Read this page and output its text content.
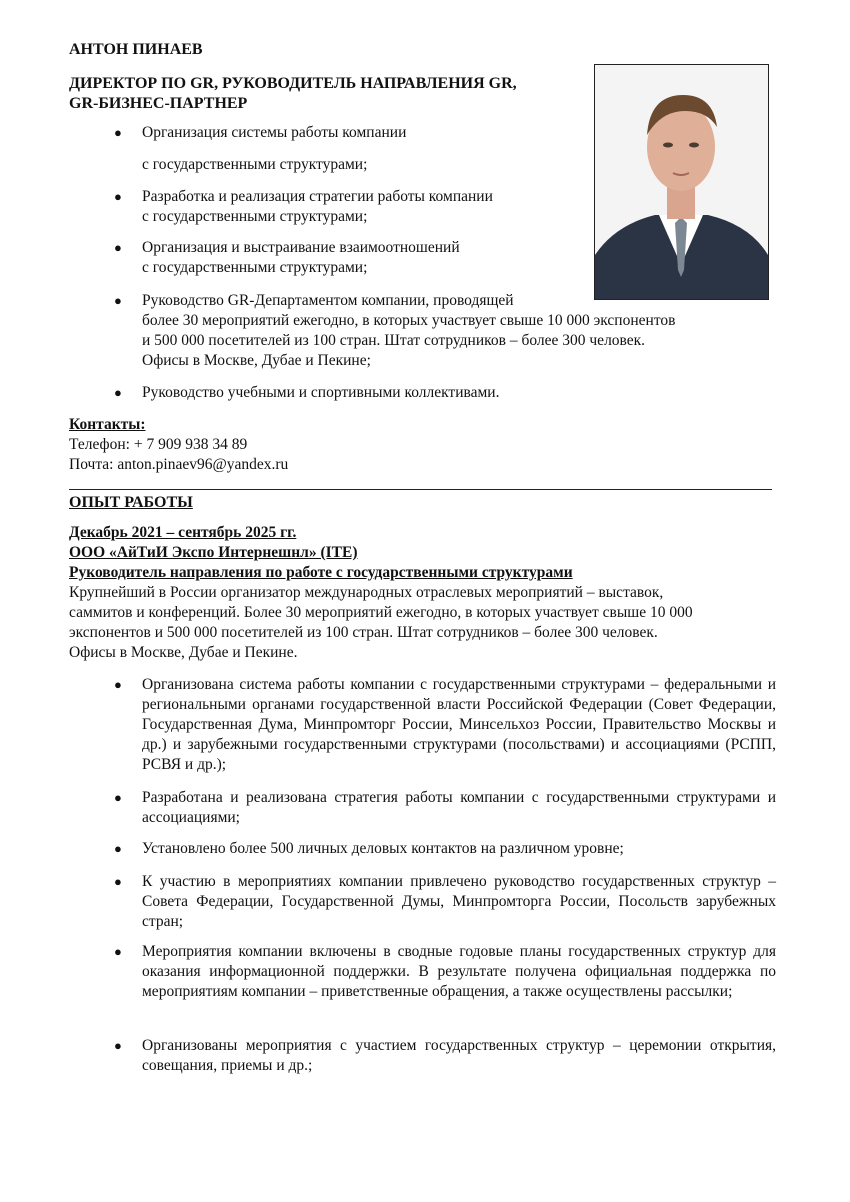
АНТОН ПИНАЕВ
ДИРЕКТОР ПО GR, РУКОВОДИТЕЛЬ НАПРАВЛЕНИЯ GR,
GR-БИЗНЕС-ПАРТНЕР
● Организация системы работы компании
с государственными структурами;
● Разработка и реализация стратегии работы компании
с государственными структурами;
● Организация и выстраивание взаимоотношений
с государственными структурами;
● Руководство GR-Департаментом компании, проводящей
более 30 мероприятий ежегодно, в которых участвует свыше 10 000 экспонентов
и 500 000 посетителей из 100 стран. Штат сотрудников – более 300 человек.
Офисы в Москве, Дубае и Пекине;
● Руководство учебными и спортивными коллективами.
Контакты:
Телефон: + 7 909 938 34 89
Почта: anton.pinaev96@yandex.ru
ОПЫТ РАБОТЫ
Декабрь 2021 – сентябрь 2025 гг.
ООО «АйТиИ Экспо Интернешнл» (ITE)
Руководитель направления по работе с государственными структурами
Крупнейший в России организатор международных отраслевых мероприятий – выставок,
саммитов и конференций. Более 30 мероприятий ежегодно, в которых участвует свыше 10 000
экспонентов и 500 000 посетителей из 100 стран. Штат сотрудников – более 300 человек.
Офисы в Москве, Дубае и Пекине.
● Организована система работы компании с государственными структурами – федеральными и региональными органами государственной власти Российской Федерации (Совет Федерации, Государственная Дума, Минпромторг России, Минсельхоз России, Правительство Москвы и др.) и зарубежными государственными структурами (посольствами) и ассоциациями (РСПП, РСВЯ и др.);
● Разработана и реализована стратегия работы компании с государственными структурами и ассоциациями;
● Установлено более 500 личных деловых контактов на различном уровне;
● К участию в мероприятиях компании привлечено руководство государственных структур – Совета Федерации, Государственной Думы, Минпромторга России, Посольств зарубежных стран;
● Мероприятия компании включены в сводные годовые планы государственных структур для оказания информационной поддержки. В результате получена официальная поддержка по мероприятиям компании – приветственные обращения, а также осуществлены рассылки;
● Организованы мероприятия с участием государственных структур – церемонии открытия, совещания, приемы и др.;
